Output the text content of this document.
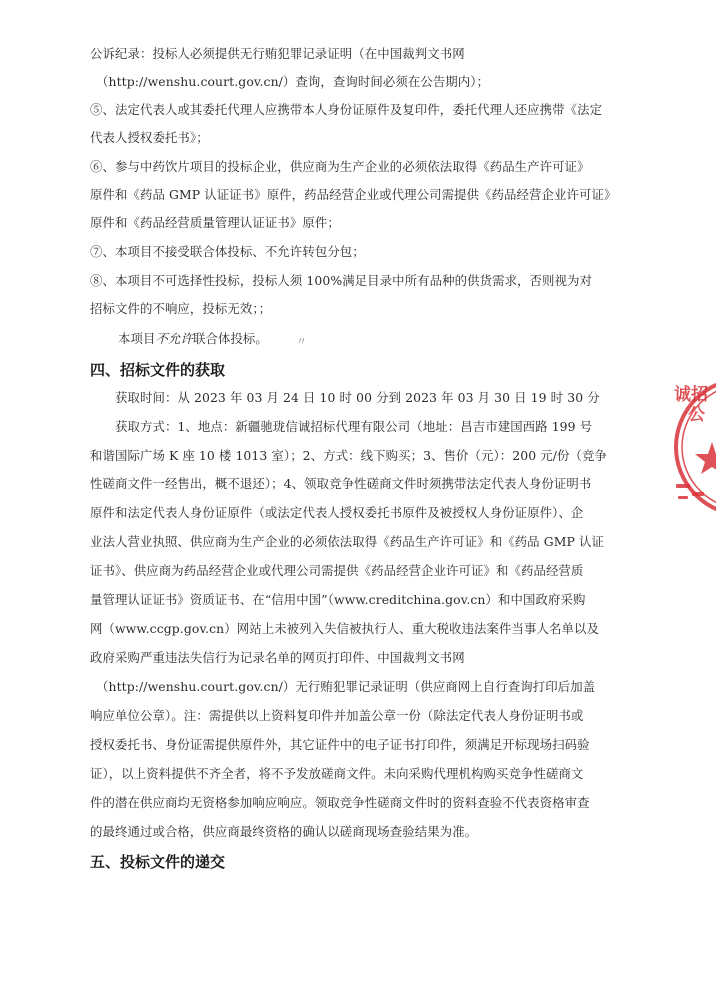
公诉纪录：投标人必须提供无行贿犯罪记录证明（在中国裁判文书网
（http://wenshu.court.gov.cn/）查询，查询时间必须在公告期内）；
⑤、法定代表人或其委托代理人应携带本人身份证原件及复印件，委托代理人还应携带《法定
代表人授权委托书》；
⑥、参与中药饮片项目的投标企业，供应商为生产企业的必须依法取得《药品生产许可证》
原件和《药品 GMP 认证证书》原件，药品经营企业或代理公司需提供《药品经营企业许可证》
原件和《药品经营质量管理认证证书》原件；
⑦、本项目不接受联合体投标、不允许转包分包；
⑧、本项目不可选择性投标，投标人须 100%满足目录中所有品种的供货需求，否则视为对
招标文件的不响应，投标无效；；
本项目不允许联合体投标。	〃
四、招标文件的获取
获取时间：从 2023 年 03 月 24 日 10 时 00 分到 2023 年 03 月 30 日 19 时 30 分
获取方式：1、地点：新疆驰珑信诚招标代理有限公司（地址：昌吉市建国西路 199 号
和谐国际广场 K 座 10 楼 1013 室）；2、方式：线下购买；3、售价（元）：200 元/份（竞争
性磋商文件一经售出，概不退还）；4、领取竞争性磋商文件时须携带法定代表人身份证明书
原件和法定代表人身份证原件（或法定代表人授权委托书原件及被授权人身份证原件）、企
业法人营业执照、供应商为生产企业的必须依法取得《药品生产许可证》和《药品 GMP 认证
证书》、供应商为药品经营企业或代理公司需提供《药品经营企业许可证》和《药品经营质
量管理认证证书》资质证书、在“信用中国”（www.creditchina.gov.cn）和中国政府采购
网（www.ccgp.gov.cn）网站上未被列入失信被执行人、重大税收违法案件当事人名单以及
政府采购严重违法失信行为记录名单的网页打印件、中国裁判文书网
（http://wenshu.court.gov.cn/）无行贿犯罪记录证明（供应商网上自行查询打印后加盖
响应单位公章）。注：需提供以上资料复印件并加盖公章一份（除法定代表人身份证明书或
授权委托书、身份证需提供原件外，其它证件中的电子证书打印件，须满足开标现场扫码验
证），以上资料提供不齐全者，将不予发放磋商文件。未向采购代理机构购买竞争性磋商文
件的潜在供应商均无资格参加响应响应。领取竞争性磋商文件时的资料查验不代表资格审查
的最终通过或合格，供应商最终资格的确认以磋商现场查验结果为准。
五、投标文件的递交
诚招
公
